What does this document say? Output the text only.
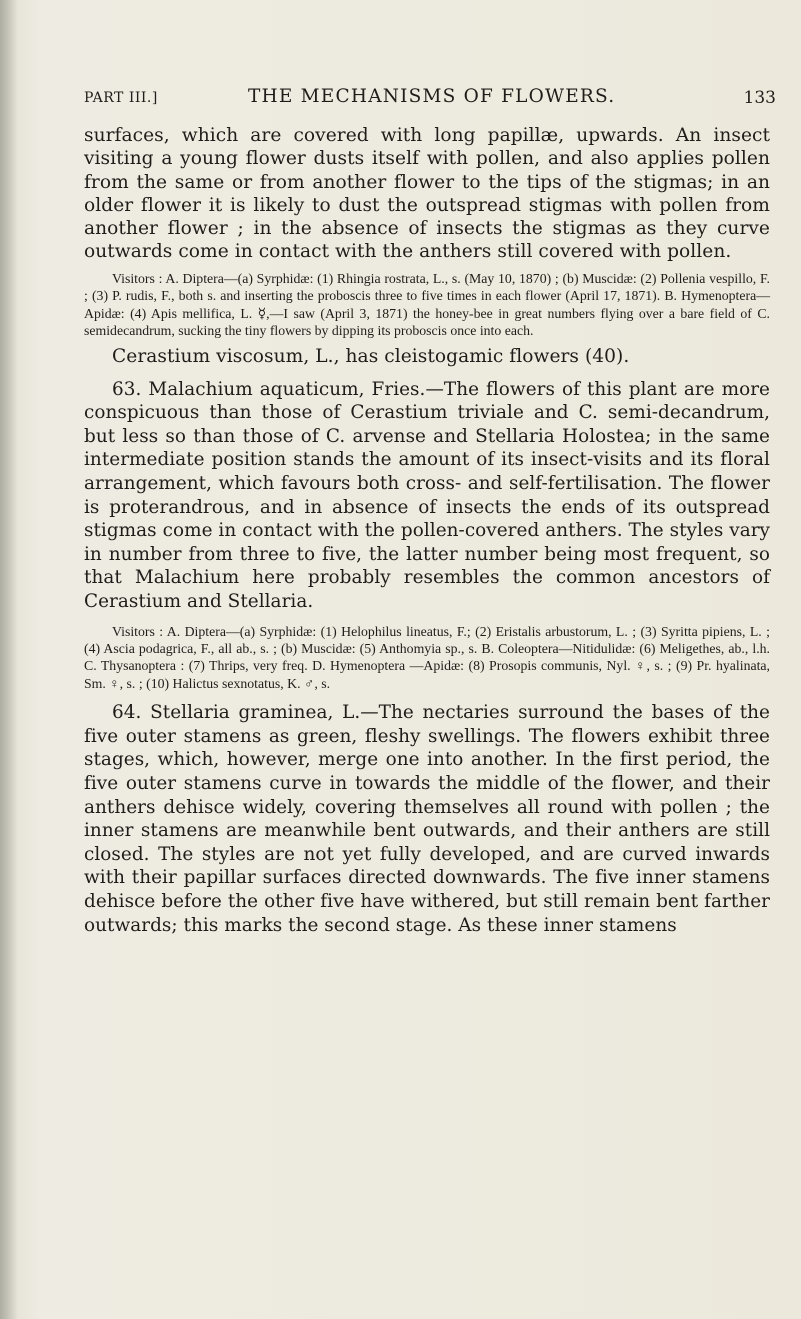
PART III.]	THE MECHANISMS OF FLOWERS.	133

surfaces, which are covered with long papillæ, upwards. An insect visiting a young flower dusts itself with pollen, and also applies pollen from the same or from another flower to the tips of the stigmas; in an older flower it is likely to dust the outspread stigmas with pollen from another flower ; in the absence of insects the stigmas as they curve outwards come in contact with the anthers still covered with pollen.

Visitors : A. Diptera—(a) Syrphidæ: (1) Rhingia rostrata, L., s. (May 10, 1870) ; (b) Muscidæ: (2) Pollenia vespillo, F. ; (3) P. rudis, F., both s. and inserting the proboscis three to five times in each flower (April 17, 1871). B. Hymenoptera—Apidæ: (4) Apis mellifica, L. ☿,—I saw (April 3, 1871) the honey-bee in great numbers flying over a bare field of C. semidecandrum, sucking the tiny flowers by dipping its proboscis once into each.

Cerastium viscosum, L., has cleistogamic flowers (40).

63. Malachium aquaticum, Fries.—The flowers of this plant are more conspicuous than those of Cerastium triviale and C. semi-decandrum, but less so than those of C. arvense and Stellaria Holostea; in the same intermediate position stands the amount of its insect-visits and its floral arrangement, which favours both cross- and self-fertilisation. The flower is proterandrous, and in absence of insects the ends of its outspread stigmas come in contact with the pollen-covered anthers. The styles vary in number from three to five, the latter number being most frequent, so that Malachium here probably resembles the common ancestors of Cerastium and Stellaria.

Visitors : A. Diptera—(a) Syrphidæ: (1) Helophilus lineatus, F.; (2) Eristalis arbustorum, L. ; (3) Syritta pipiens, L. ; (4) Ascia podagrica, F., all ab., s. ; (b) Muscidæ: (5) Anthomyia sp., s. B. Coleoptera—Nitidulidæ: (6) Meligethes, ab., l.h. C. Thysanoptera : (7) Thrips, very freq. D. Hymenoptera —Apidæ: (8) Prosopis communis, Nyl. ♀, s. ; (9) Pr. hyalinata, Sm. ♀, s. ; (10) Halictus sexnotatus, K. ♂, s.

64. Stellaria graminea, L.—The nectaries surround the bases of the five outer stamens as green, fleshy swellings. The flowers exhibit three stages, which, however, merge one into another. In the first period, the five outer stamens curve in towards the middle of the flower, and their anthers dehisce widely, covering themselves all round with pollen ; the inner stamens are meanwhile bent outwards, and their anthers are still closed. The styles are not yet fully developed, and are curved inwards with their papillar surfaces directed downwards. The five inner stamens dehisce before the other five have withered, but still remain bent farther outwards; this marks the second stage. As these inner stamens
